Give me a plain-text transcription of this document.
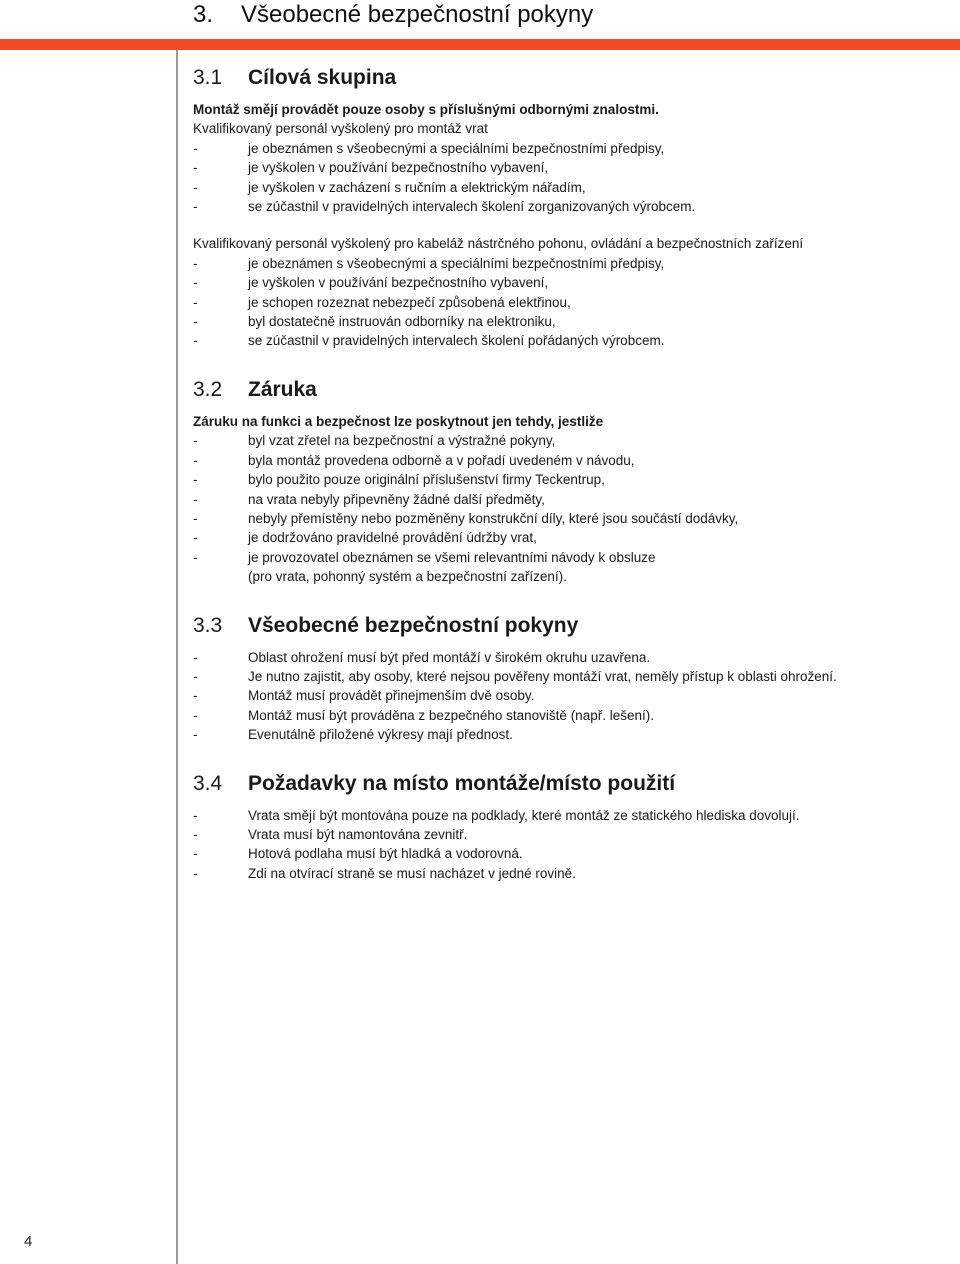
3. Všeobecné bezpečnostní pokyny
4
3.1 Cílová skupina
Montáž smějí provádět pouze osoby s příslušnými odbornými znalostmi.
Kvalifikovaný personál vyškolený pro montáž vrat
-	je obeznámen s všeobecnými a speciálními bezpečnostními předpisy,
-	je vyškolen v používání bezpečnostního vybavení,
-	je vyškolen v zacházení s ručním a elektrickým nářadím,
-	se zúčastnil v pravidelných intervalech školení zorganizovaných výrobcem.
Kvalifikovaný personál vyškolený pro kabeláž nástrčného pohonu, ovládání a bezpečnostních zařízení
-	je obeznámen s všeobecnými a speciálními bezpečnostními předpisy,
-	je vyškolen v používání bezpečnostního vybavení,
-	je schopen rozeznat nebezpečí způsobená elektřinou,
-	byl dostatečně instruován odborníky na elektroniku,
-	se zúčastnil v pravidelných intervalech školení pořádaných výrobcem.
3.2 Záruka
Záruku na funkci a bezpečnost lze poskytnout jen tehdy, jestliže
-	byl vzat zřetel na bezpečnostní a výstražné pokyny,
-	byla montáž provedena odborně a v pořadí uvedeném v návodu,
-	bylo použito pouze originální příslušenství firmy Teckentrup,
-	na vrata nebyly připevněny žádné další předměty,
-	nebyly přemístěny nebo pozměněny konstrukční díly, které jsou součástí dodávky,
-	je dodržováno pravidelné provádění údržby vrat,
-	je provozovatel obeznámen se všemi relevantními návody k obsluze
(pro vrata, pohonný systém a bezpečnostní zařízení).
3.3 Všeobecné bezpečnostní pokyny
-	Oblast ohrožení musí být před montáží v širokém okruhu uzavřena.
-	Je nutno zajistit, aby osoby, které nejsou pověřeny montáží vrat, neměly přístup k oblasti ohrožení.
-	Montáž musí provádět přinejmenším dvě osoby.
-	Montáž musí být prováděna z bezpečného stanoviště (např. lešení).
-	Evenutálně přiložené výkresy mají přednost.
3.4 Požadavky na místo montáže/místo použití
-	Vrata smějí být montována pouze na podklady, které montáž ze statického hlediska dovolují.
-	Vrata musí být namontována zevnitř.
-	Hotová podlaha musí být hladká a vodorovná.
-	Zdi na otvírací straně se musí nacházet v jedné rovině.
